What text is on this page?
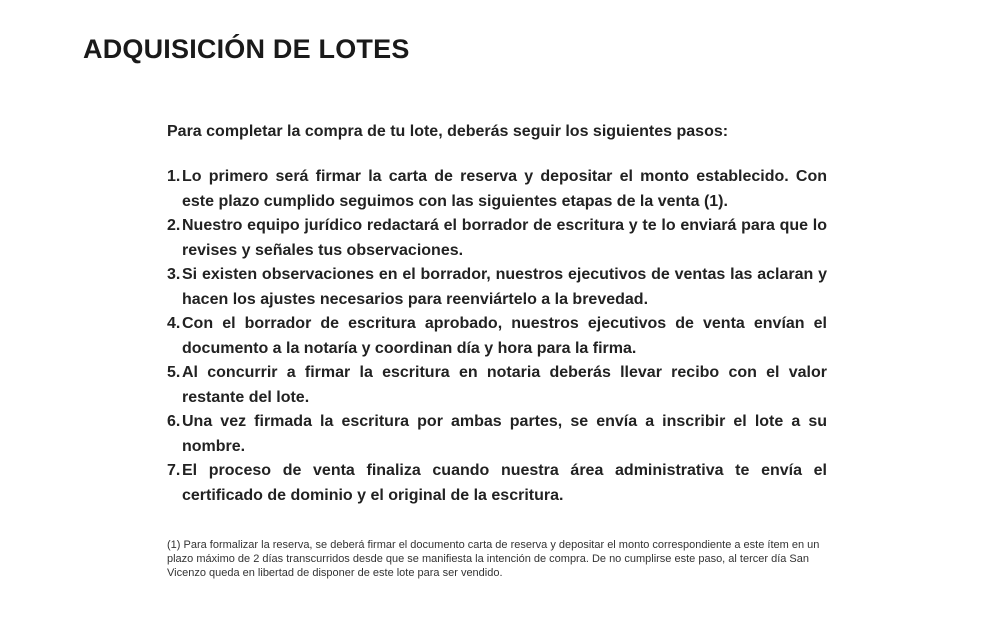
ADQUISICIÓN DE LOTES

Para completar la compra de tu lote, deberás seguir los siguientes pasos:

1. Lo primero será firmar la carta de reserva y depositar el monto establecido. Con este plazo cumplido seguimos con las siguientes etapas de la venta (1).
2. Nuestro equipo jurídico redactará el borrador de escritura y te lo enviará para que lo revises y señales tus observaciones.
3. Si existen observaciones en el borrador, nuestros ejecutivos de ventas las aclaran y hacen los ajustes necesarios para reenviártelo a la brevedad.
4. Con el borrador de escritura aprobado, nuestros ejecutivos de venta envían el documento a la notaría y coordinan día y hora para la firma.
5. Al concurrir a firmar la escritura en notaria deberás llevar recibo con el valor restante del lote.
6. Una vez firmada la escritura por ambas partes, se envía a inscribir el lote a su nombre.
7. El proceso de venta finaliza cuando nuestra área administrativa te envía el certificado de dominio y el original de la escritura.

(1) Para formalizar la reserva, se deberá firmar el documento carta de reserva y depositar el monto correspondiente a este ítem en un plazo máximo de 2 días transcurridos desde que se manifiesta la intención de compra. De no cumplirse este paso, al tercer día San Vicenzo queda en libertad de disponer de este lote para ser vendido.
